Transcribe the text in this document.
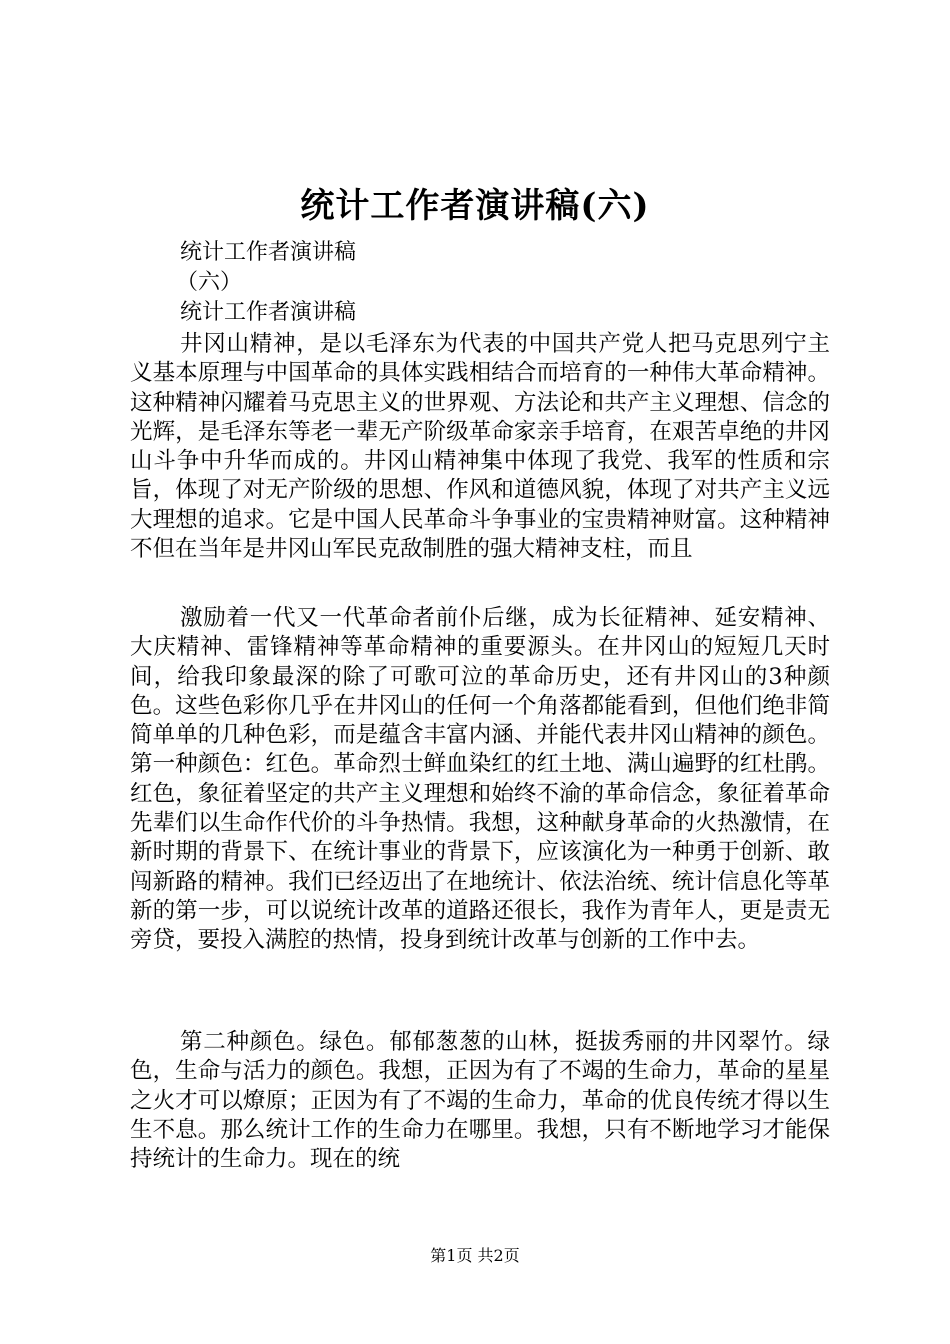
统计工作者演讲稿(六)
统计工作者演讲稿
（六）
统计工作者演讲稿

井冈山精神，是以毛泽东为代表的中国共产党人把马克思列宁主义基本原理与中国革命的具体实践相结合而培育的一种伟大革命精神。这种精神闪耀着马克思主义的世界观、方法论和共产主义理想、信念的光辉，是毛泽东等老一辈无产阶级革命家亲手培育，在艰苦卓绝的井冈山斗争中升华而成的。井冈山精神集中体现了我党、我军的性质和宗旨，体现了对无产阶级的思想、作风和道德风貌，体现了对共产主义远大理想的追求。它是中国人民革命斗争事业的宝贵精神财富。这种精神不但在当年是井冈山军民克敌制胜的强大精神支柱，而且

激励着一代又一代革命者前仆后继，成为长征精神、延安精神、大庆精神、雷锋精神等革命精神的重要源头。在井冈山的短短几天时间，给我印象最深的除了可歌可泣的革命历史，还有井冈山的3种颜色。这些色彩你几乎在井冈山的任何一个角落都能看到，但他们绝非简简单单的几种色彩，而是蕴含丰富内涵、并能代表井冈山精神的颜色。第一种颜色：红色。革命烈士鲜血染红的红土地、满山遍野的红杜鹃。红色，象征着坚定的共产主义理想和始终不渝的革命信念，象征着革命先辈们以生命作代价的斗争热情。我想，这种献身革命的火热激情，在新时期的背景下、在统计事业的背景下，应该演化为一种勇于创新、敢闯新路的精神。我们已经迈出了在地统计、依法治统、统计信息化等革新的第一步，可以说统计改革的道路还很长，我作为青年人，更是责无旁贷，要投入满腔的热情，投身到统计改革与创新的工作中去。

第二种颜色。绿色。郁郁葱葱的山林，挺拔秀丽的井冈翠竹。绿色，生命与活力的颜色。我想，正因为有了不竭的生命力，革命的星星之火才可以燎原；正因为有了不竭的生命力，革命的优良传统才得以生生不息。那么统计工作的生命力在哪里。我想，只有不断地学习才能保持统计的生命力。现在的统

第1页 共2页
